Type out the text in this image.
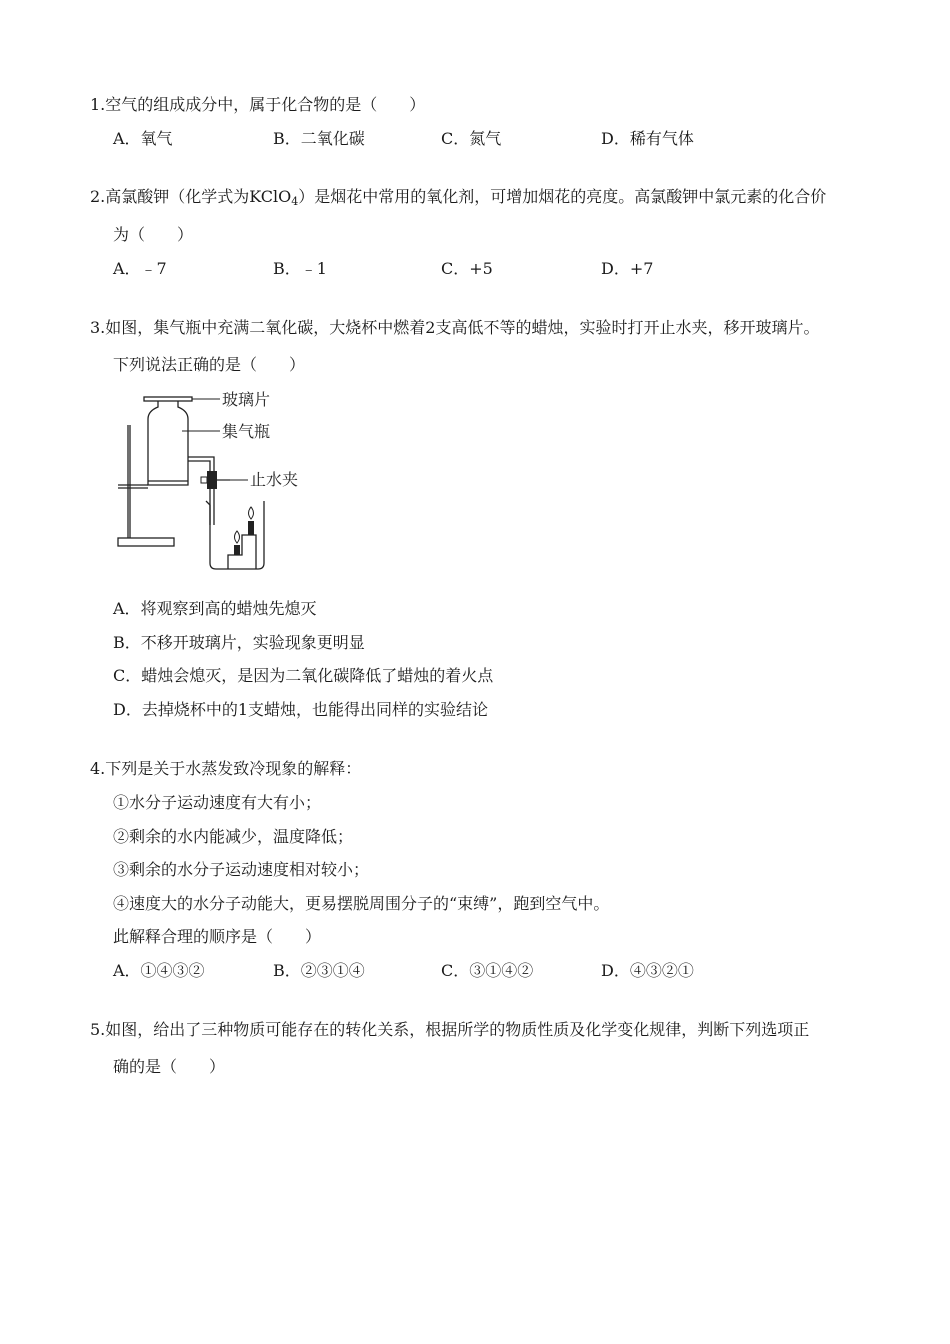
1.空气的组成成分中，属于化合物的是（　　）
A．氧气	B．二氧化碳	C．氮气	D．稀有气体
2.高氯酸钾（化学式为KClO$_4$）是烟花中常用的氧化剂，可增加烟花的亮度。高氯酸钾中氯元素的化合价
为（　　）
A．﹣7	B．﹣1	C．+5	D．+7
3.如图，集气瓶中充满二氧化碳，大烧杯中燃着2支高低不等的蜡烛，实验时打开止水夹，移开玻璃片。
下列说法正确的是（　　）
玻璃片
集气瓶
止水夹
A．将观察到高的蜡烛先熄灭
B．不移开玻璃片，实验现象更明显
C．蜡烛会熄灭，是因为二氧化碳降低了蜡烛的着火点
D．去掉烧杯中的1支蜡烛，也能得出同样的实验结论
4.下列是关于水蒸发致冷现象的解释：
①水分子运动速度有大有小；
②剩余的水内能减少，温度降低；
③剩余的水分子运动速度相对较小；
④速度大的水分子动能大，更易摆脱周围分子的“束缚”，跑到空气中。
此解释合理的顺序是（　　）
A．①④③②	B．②③①④	C．③①④②	D．④③②①
5.如图，给出了三种物质可能存在的转化关系，根据所学的物质性质及化学变化规律，判断下列选项正
确的是（　　）
